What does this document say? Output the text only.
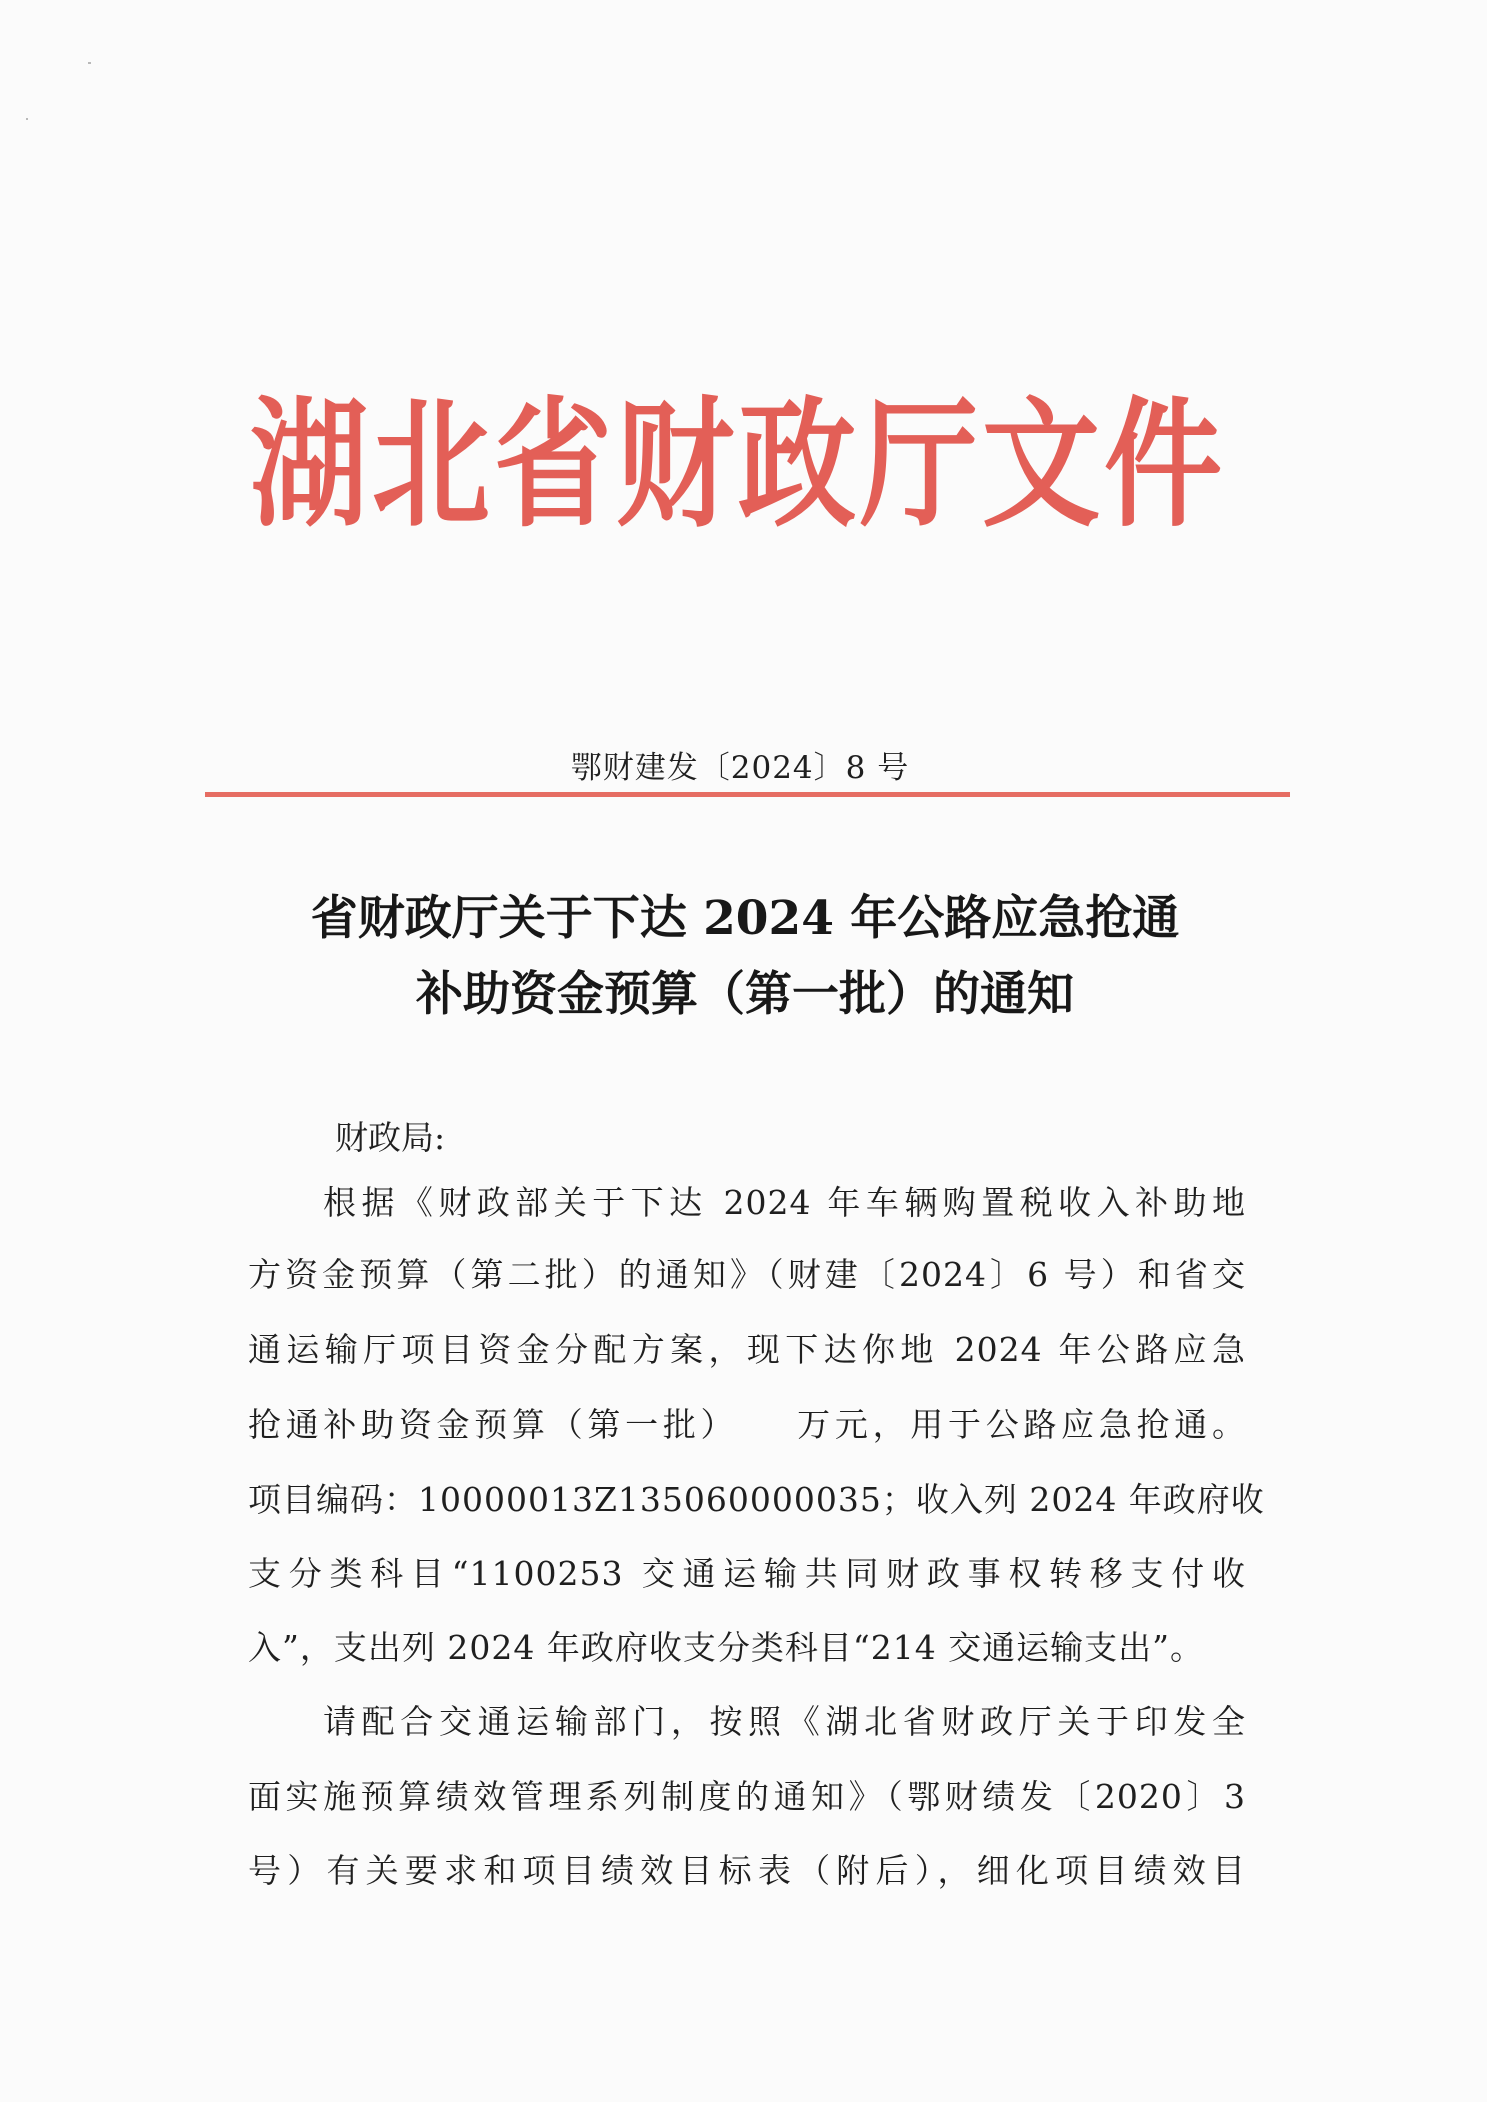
湖北省财政厅文件
鄂财建发〔2024〕8 号
省财政厅关于下达 2024 年公路应急抢通
补助资金预算（第一批）的通知
财政局:
根据《财政部关于下达 2024 年车辆购置税收入补助地
方资金预算（第二批）的通知》（财建〔2024〕6 号）和省交
通运输厅项目资金分配方案，现下达你地 2024 年公路应急
抢通补助资金预算（第一批）　　万元，用于公路应急抢通。
项目编码：10000013Z135060000035；收入列 2024 年政府收
支分类科目“1100253 交通运输共同财政事权转移支付收
入”，支出列 2024 年政府收支分类科目“214 交通运输支出”。
请配合交通运输部门，按照《湖北省财政厅关于印发全
面实施预算绩效管理系列制度的通知》（鄂财绩发〔2020〕3
号）有关要求和项目绩效目标表（附后），细化项目绩效目
